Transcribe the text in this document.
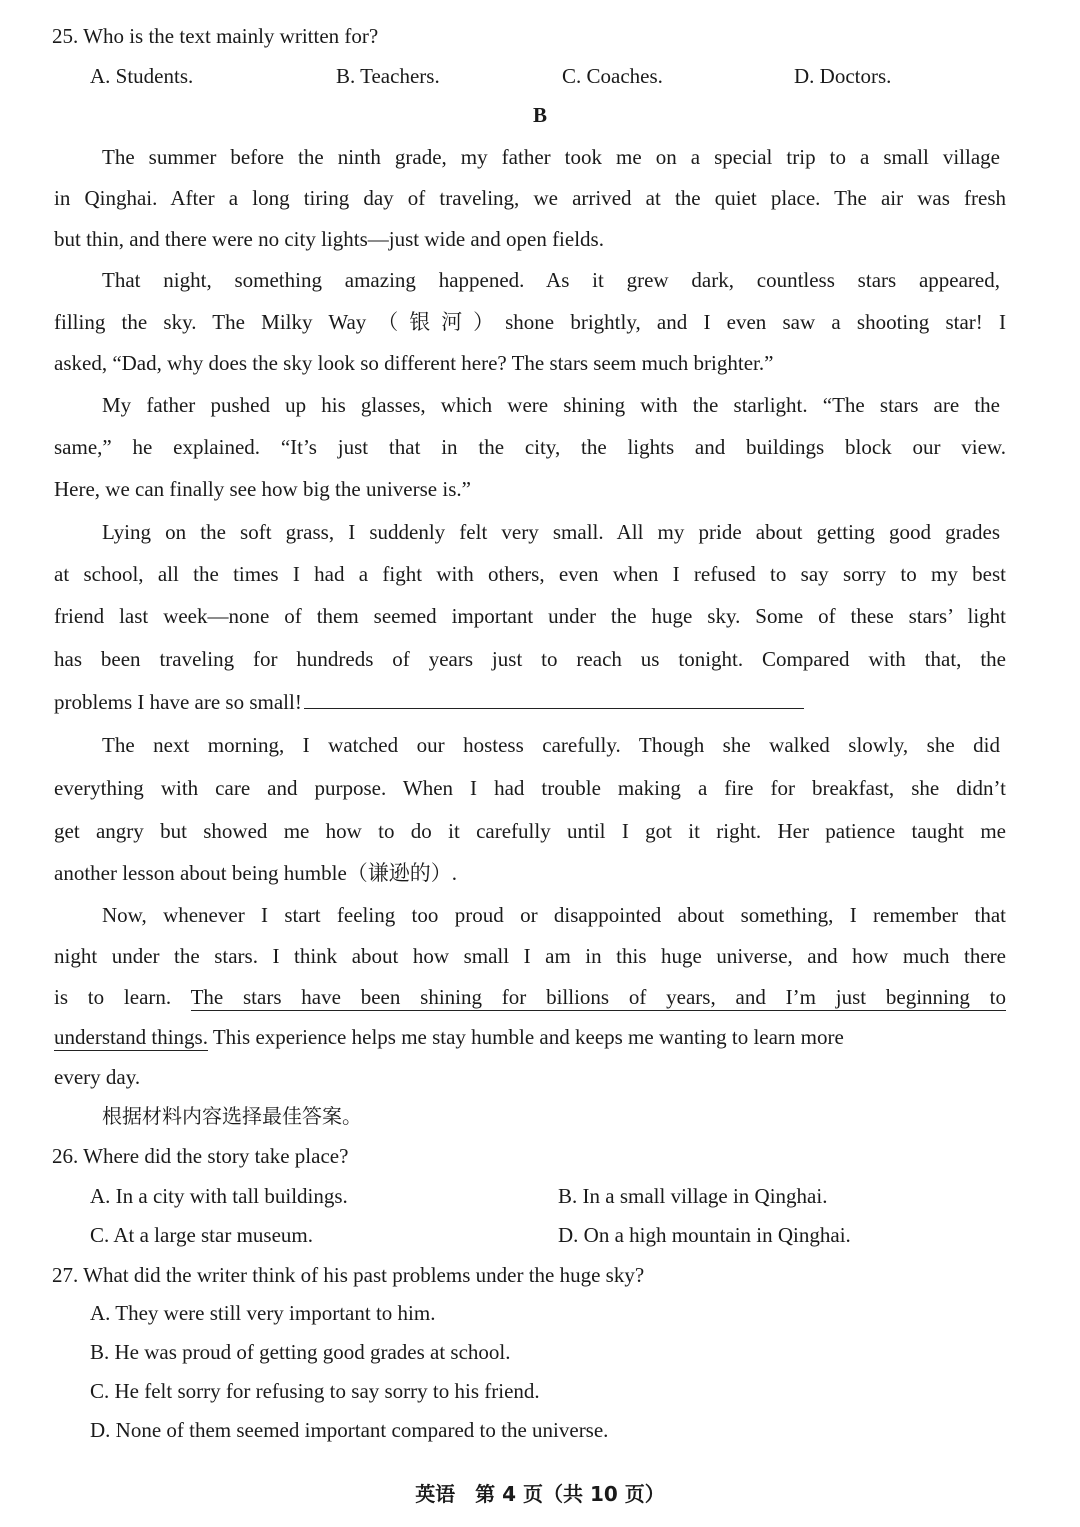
25. Who is the text mainly written for?
A. Students.	B. Teachers.	C. Coaches.	D. Doctors.
B
The summer before the ninth grade, my father took me on a special trip to a small village
in Qinghai. After a long tiring day of traveling, we arrived at the quiet place. The air was fresh
but thin, and there were no city lights—just wide and open fields.
That night, something amazing happened. As it grew dark, countless stars appeared,
filling the sky. The Milky Way（银河）shone brightly, and I even saw a shooting star! I
asked, “Dad, why does the sky look so different here? The stars seem much brighter.”
My father pushed up his glasses, which were shining with the starlight. “The stars are the
same,” he explained. “It’s just that in the city, the lights and buildings block our view.
Here, we can finally see how big the universe is.”
Lying on the soft grass, I suddenly felt very small. All my pride about getting good grades
at school, all the times I had a fight with others, even when I refused to say sorry to my best
friend last week—none of them seemed important under the huge sky. Some of these stars’ light
has been traveling for hundreds of years just to reach us tonight. Compared with that, the
problems I have are so small!
The next morning, I watched our hostess carefully. Though she walked slowly, she did
everything with care and purpose. When I had trouble making a fire for breakfast, she didn’t
get angry but showed me how to do it carefully until I got it right. Her patience taught me
another lesson about being humble（谦逊的）.
Now, whenever I start feeling too proud or disappointed about something, I remember that
night under the stars. I think about how small I am in this huge universe, and how much there
is to learn. The stars have been shining for billions of years, and I’m just beginning to
understand things. This experience helps me stay humble and keeps me wanting to learn more
every day.
根据材料内容选择最佳答案。
26. Where did the story take place?
A. In a city with tall buildings.	B. In a small village in Qinghai.
C. At a large star museum.	D. On a high mountain in Qinghai.
27. What did the writer think of his past problems under the huge sky?
A. They were still very important to him.
B. He was proud of getting good grades at school.
C. He felt sorry for refusing to say sorry to his friend.
D. None of them seemed important compared to the universe.
英语　第 4 页（共 10 页）
